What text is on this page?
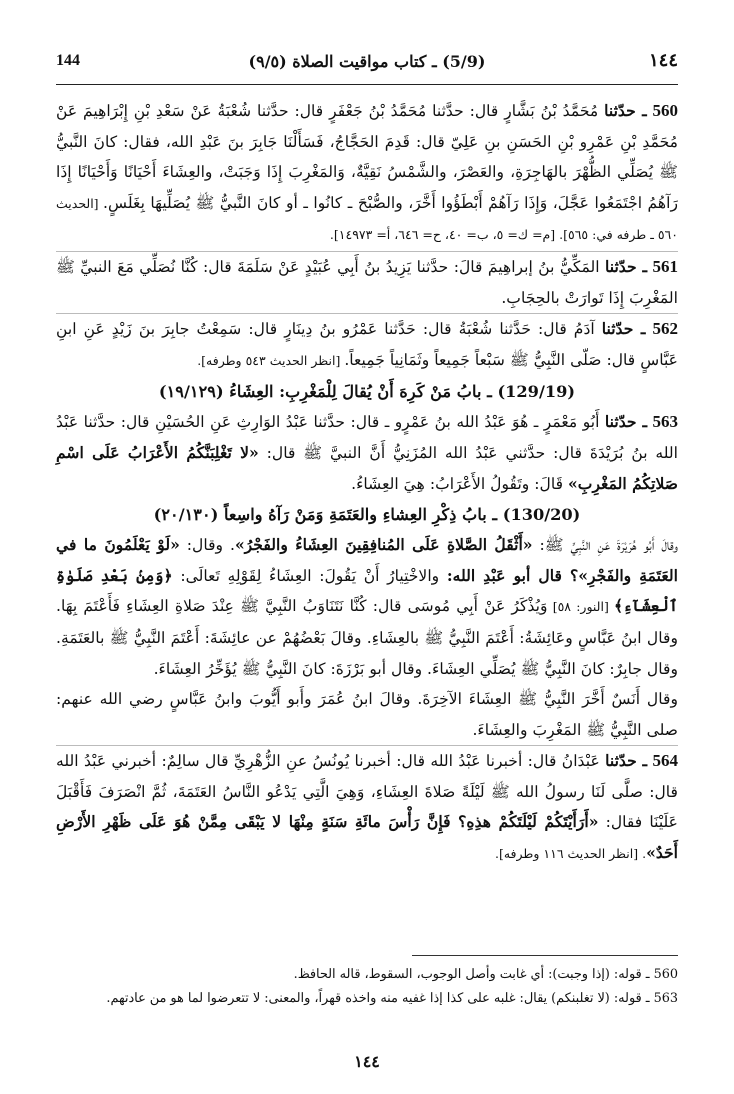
144	(5/9) ـ كتاب مواقيت الصلاة (٩/٥)	١٤٤

560 ـ حدّثنا مُحَمَّدُ بْنُ بَشَّارٍ قال: حدَّثنا مُحَمَّدُ بْنُ جَعْفَرٍ قال: حدَّثنا شُعْبَةُ عَنْ سَعْدِ بْنِ إِبْرَاهِيمَ عَنْ مُحَمَّدِ بْنِ عَمْرِو بْنِ الحَسَنِ بنِ عَلِيّ قال: قَدِمَ الحَجَّاجُ، فَسَأَلْنَا جَابِرَ بنَ عَبْدِ الله، فقال: كانَ النَّبيُّ ﷺ يُصَلِّي الظُّهْرَ بالهَاجِرَةِ، والعَصْرَ، والشَّمْسُ نَقِيَّةٌ، وَالمَغْرِبَ إِذَا وَجَبَتْ، والعِشَاءَ أَحْيَانًا وَأَحْيَانًا إِذَا رَآهُمُ اجْتَمَعُوا عَجَّلَ، وَإِذَا رَآهُمْ أَبْطَؤُوا أَخَّرَ، والصُّبْحَ ـ كانُوا ـ أو كانَ النَّبيُّ ﷺ يُصَلِّيهَا بِغَلَسٍ. [الحديث ٥٦٠ ـ طرفه في: ٥٦٥]. [م= ك= ٥، ب= ٤٠، ح= ٦٤٦، أ= ١٤٩٧٣].

561 ـ حدّثنا المَكِّيُّ بنُ إبراهِيمَ قالَ: حدَّثنا يَزِيدُ بنُ أَبِي عُبَيْدٍ عَنْ سَلَمَةَ قال: كُنَّا نُصَلِّي مَعَ النبيِّ ﷺ المَغْرِبَ إِذَا تَوارَتْ بالحِجَابِ.

562 ـ حدّثنا آدَمُ قال: حَدَّثنا شُعْبَةُ قال: حَدَّثنا عَمْرُو بنُ دِينَارٍ قال: سَمِعْتُ جابِرَ بنَ زَيْدٍ عَنِ ابنِ عَبَّاسٍ قال: صَلّى النَّبِيُّ ﷺ سَبْعاً جَمِيعاً وثَمَانِياً جَمِيعاً. [انظر الحديث ٥٤٣ وطرفه].

(129/19) ـ بابُ مَنْ كَرِهَ أَنْ يُقالَ لِلْمَغْرِبِ: العِشَاءُ (١٩/١٢٩)

563 ـ حدّثنا أَبُو مَعْمَرٍ ـ هُوَ عَبْدُ الله بنُ عَمْرٍو ـ قال: حدَّثنا عَبْدُ الوَارِثِ عَنِ الحُسَيْنِ قال: حدَّثنا عَبْدُ الله بنُ بُرَيْدَةَ قال: حدَّثني عَبْدُ الله المُزَنِيُّ أَنَّ النبيَّ ﷺ قال: «لا تَغْلِبَنَّكُمُ الأَعْرَابُ عَلَى اسْمِ صَلاتِكُمُ المَغْرِبِ» قَالَ: وتَقُولُ الأَعْرَابُ: هِيَ العِشَاءُ.

(130/20) ـ بابُ ذِكْرِ العِشاءِ والعَتَمَةِ وَمَنْ رَآهُ واسِعاً (٢٠/١٣٠)

وقالَ أَبُو هُرَيْرَةَ عَنِ النَّبِيِّ ﷺ: «أَثْقَلُ الصَّلاةِ عَلَى المُنافِقِينَ العِشَاءُ والفَجْرُ». وقال: «لَوْ يَعْلَمُونَ ما في العَتَمَةِ والفَجْرِ»؟ قال أبو عَبْدِ الله: والاخْتِيارُ أَنْ يَقُولَ: العِشَاءُ لِقَوْلِهِ تَعالَى: ﴿وَمِنۢ بَعْدِ صَلَوٰةِ ٱلْعِشَآءِ﴾ [النور: ٥٨] وَيُذْكَرُ عَنْ أَبِي مُوسَى قال: كُنَّا نَتَنَاوَبُ النَّبِيَّ ﷺ عِنْدَ صَلاةِ العِشَاءِ فَأَعْتَمَ بِهَا. وقال ابنُ عَبَّاسٍ وعَائِشَةُ: أَعْتَمَ النَّبِيُّ ﷺ بالعِشَاءِ. وقالَ بَعْضُهُمْ عن عائِشَةَ: أَعْتَمَ النَّبِيُّ ﷺ بالعَتَمَةِ. وقال جابِرٌ: كانَ النَّبِيُّ ﷺ يُصَلِّي العِشَاءَ. وقال أبو بَرْزَةَ: كانَ النَّبِيُّ ﷺ يُؤَخِّرُ العِشَاءَ.

وقال أَنَسٌ أَخَّرَ النَّبِيُّ ﷺ العِشَاءَ الآخِرَةَ. وقالَ ابنُ عُمَرَ وأَبو أَيُّوبَ وابنُ عَبَّاسٍ رضي الله عنهم: صلى النَّبِيُّ ﷺ المَغْرِبَ والعِشَاءَ.

564 ـ حدّثنا عَبْدَانُ قال: أخبرنا عَبْدُ الله قال: أخبرنا يُونُسُ عنِ الزُّهْرِيِّ قال سالِمٌ: أخبرني عَبْدُ الله قال: صلَّى لَنَا رسولُ الله ﷺ لَيْلَةً صَلاةَ العِشَاءِ، وَهِيَ الَّتِي يَدْعُو النَّاسُ العَتَمَةَ، ثُمَّ انْصَرَفَ فَأَقْبَلَ عَلَيْنَا فقال: «أَرَأَيْتَكُمْ لَيْلَتَكُمْ هذِهِ؟ فَإِنَّ رَأْسَ مائَةِ سَنَةٍ مِنْهَا لا يَبْقَى مِمَّنْ هُوَ عَلَى ظَهْرِ الأَرْضِ أَحَدٌ». [انظر الحديث ١١٦ وطرفه].

560 ـ قوله: (إذا وجبت): أي غابت وأصل الوجوب، السقوط، قاله الحافظ.
563 ـ قوله: (لا تغلبنكم) يقال: غلبه على كذا إذا غفيه منه واخذه قهراً، والمعنى: لا تتعرضوا لما هو من عادتهم.
١٤٤
